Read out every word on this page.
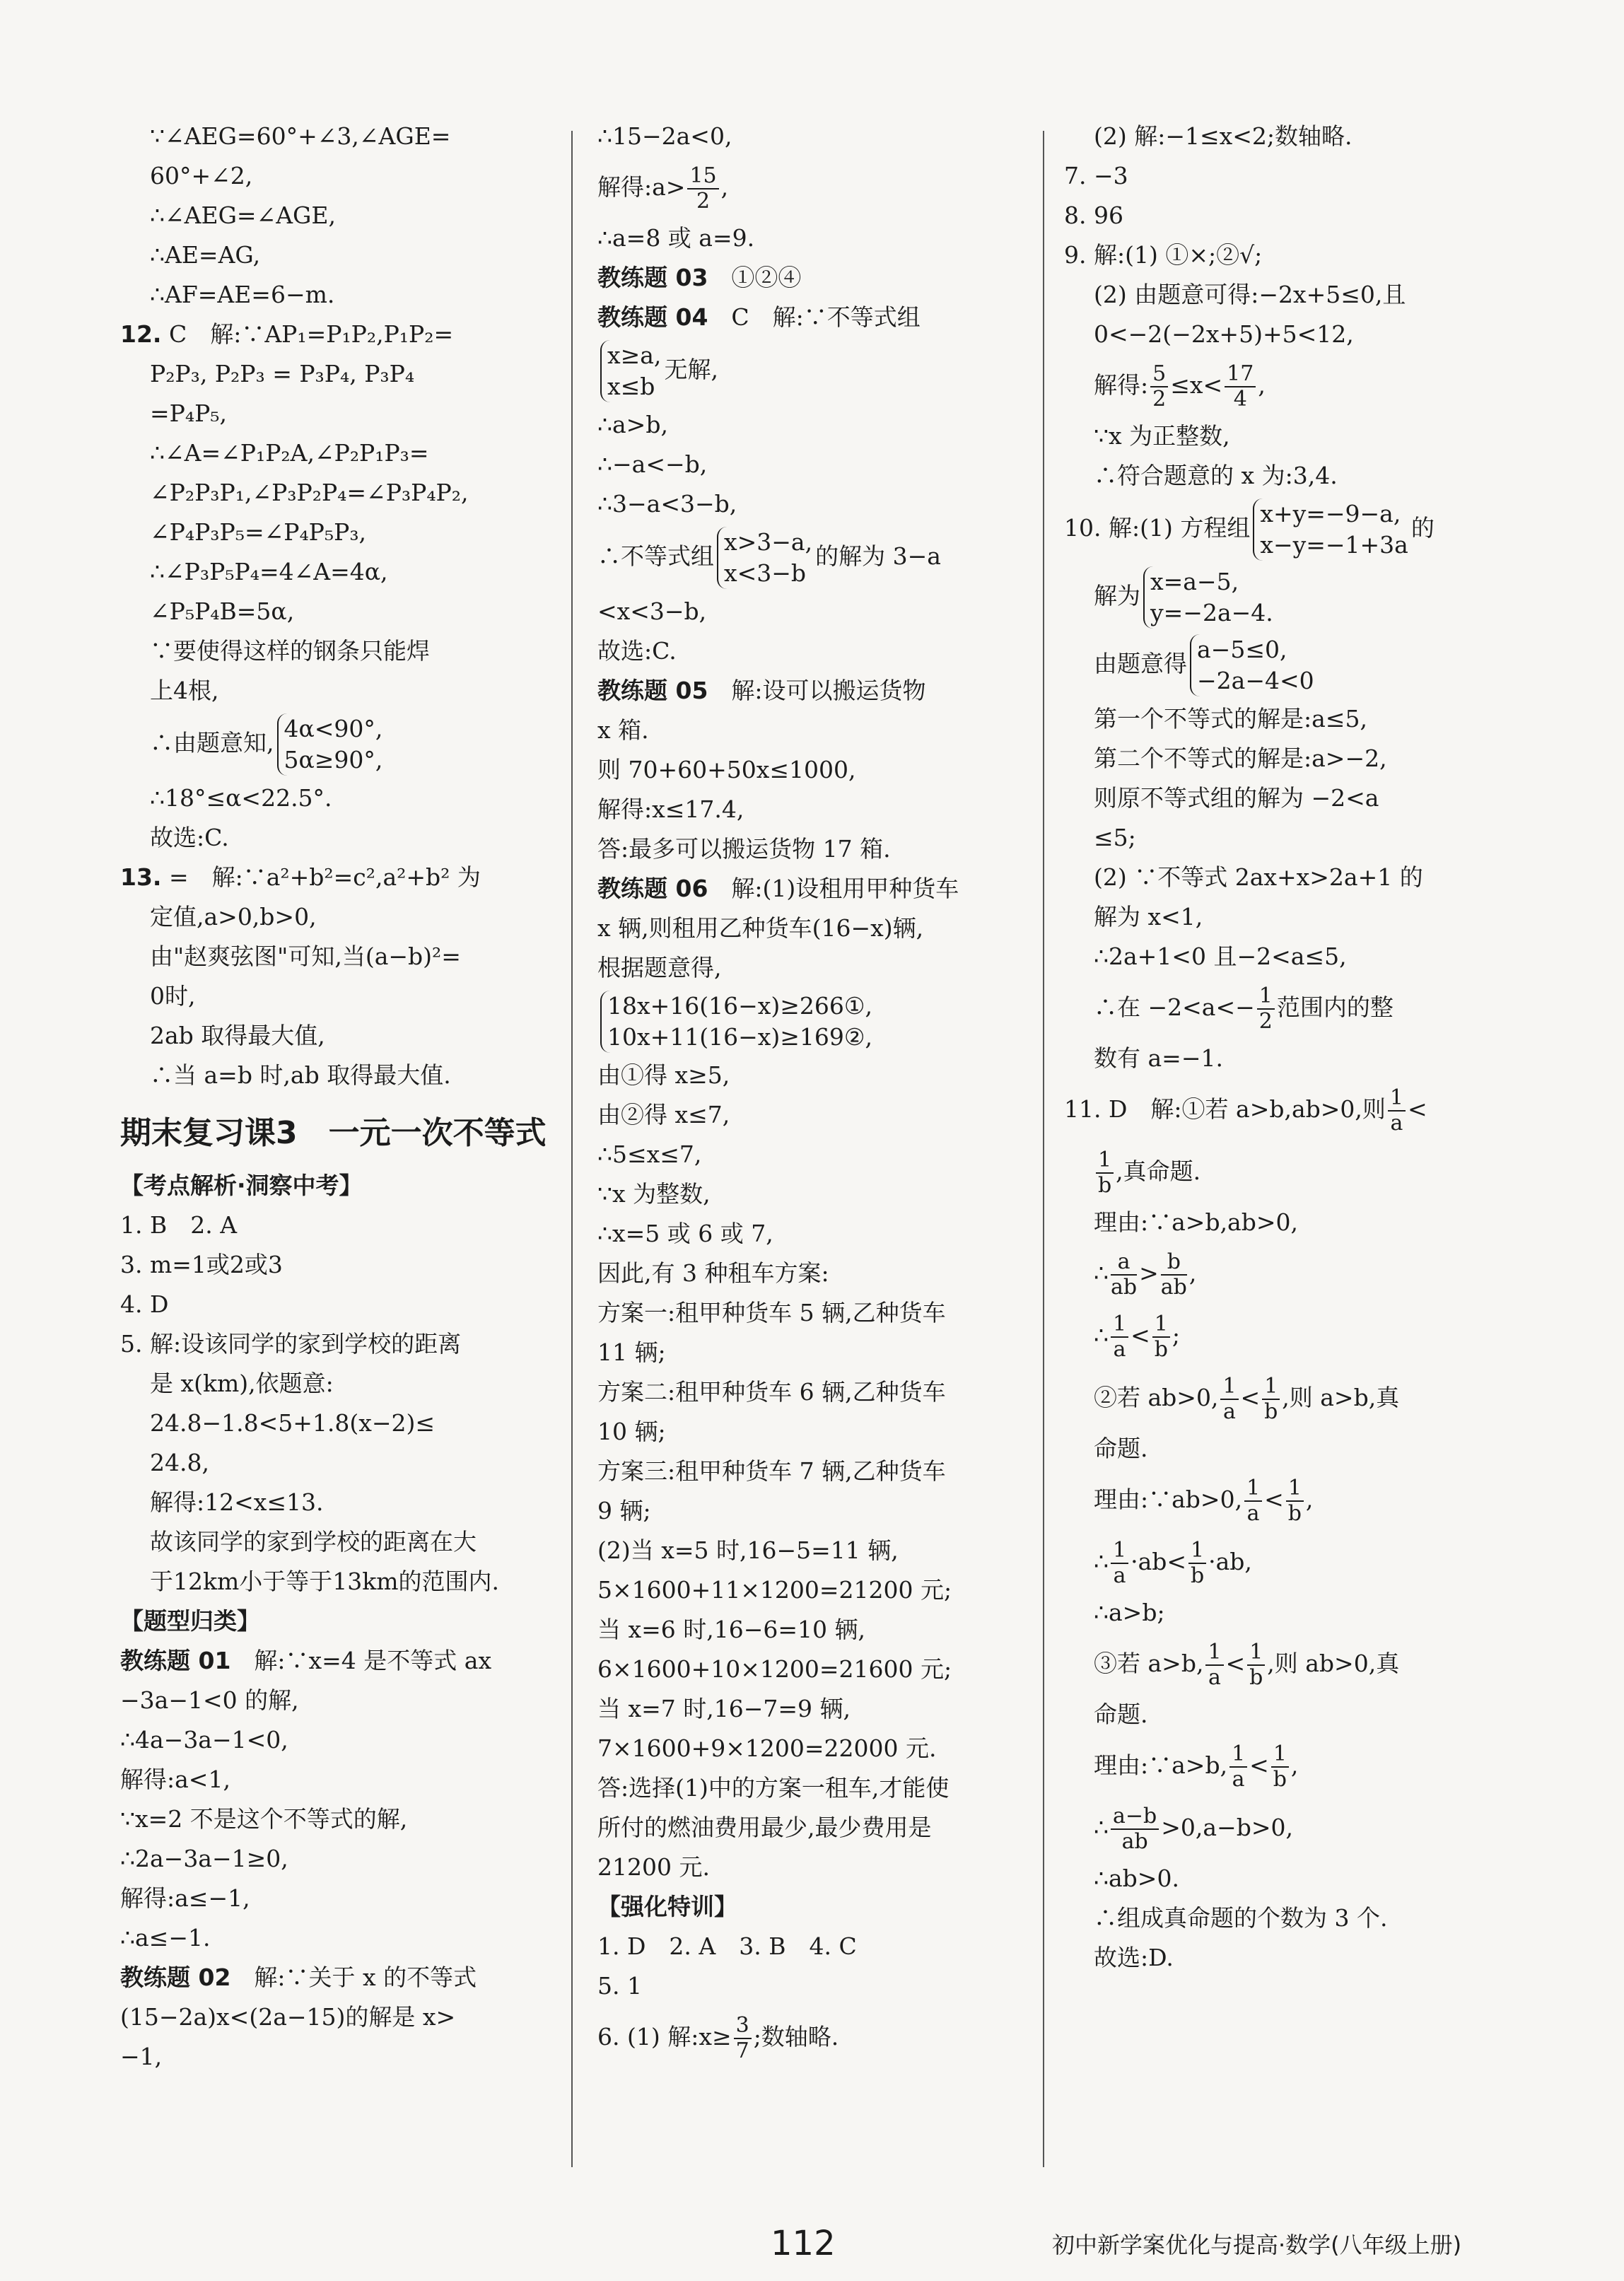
∵∠AEG=60°+∠3,∠AGE=

60°+∠2,

∴∠AEG=∠AGE,

∴AE=AG,

∴AF=AE=6−m.

12. C　解:∵AP₁=P₁P₂,P₁P₂=

P₂P₃, P₂P₃ = P₃P₄, P₃P₄

=P₄P₅,

∴∠A=∠P₁P₂A,∠P₂P₁P₃=

∠P₂P₃P₁,∠P₃P₂P₄=∠P₃P₄P₂,

∠P₄P₃P₅=∠P₄P₅P₃,

∴∠P₃P₅P₄=4∠A=4α,

∠P₅P₄B=5α,

∵要使得这样的钢条只能焊

上4根,

∴由题意知,
4α<90°,
5α≥90°,

∴18°≤α<22.5°.

故选:C.

13. =　解:∵a²+b²=c²,a²+b² 为

定值,a>0,b>0,

由"赵爽弦图"可知,当(a−b)²=

0时,

2ab 取得最大值,

∴当 a=b 时,ab 取得最大值.

期末复习课3　一元一次不等式

【考点解析·洞察中考】

1. B　2. A

3. m=1或2或3

4. D

5. 解:设该同学的家到学校的距离

是 x(km),依题意:

24.8−1.8<5+1.8(x−2)≤

24.8,

解得:12<x≤13.

故该同学的家到学校的距离在大

于12km小于等于13km的范围内.

【题型归类】

教练题 01　解:∵x=4 是不等式 ax

−3a−1<0 的解,

∴4a−3a−1<0,

解得:a<1,

∵x=2 不是这个不等式的解,

∴2a−3a−1≥0,

解得:a≤−1,

∴a≤−1.

教练题 02　解:∵关于 x 的不等式

(15−2a)x<(2a−15)的解是 x>

−1,

∴15−2a<0,

解得:a> $\frac{15}{2}$ ,

∴a=8 或 a=9.

教练题 03　①②④

教练题 04　C　解:∵不等式组

x≥a,
x≤b
无解,

∴a>b,

∴−a<−b,

∴3−a<3−b,

∴不等式组
x>3−a,
x<3−b
的解为 3−a

<x<3−b,

故选:C.

教练题 05　解:设可以搬运货物

x 箱.

则 70+60+50x≤1000,

解得:x≤17.4,

答:最多可以搬运货物 17 箱.

教练题 06　解:(1)设租用甲种货车

x 辆,则租用乙种货车(16−x)辆,

根据题意得,

18x+16(16−x)≥266①,
10x+11(16−x)≥169②,

由①得 x≥5,

由②得 x≤7,

∴5≤x≤7,

∵x 为整数,

∴x=5 或 6 或 7,

因此,有 3 种租车方案:

方案一:租甲种货车 5 辆,乙种货车

11 辆;

方案二:租甲种货车 6 辆,乙种货车

10 辆;

方案三:租甲种货车 7 辆,乙种货车

9 辆;

(2)当 x=5 时,16−5=11 辆,

5×1600+11×1200=21200 元;

当 x=6 时,16−6=10 辆,

6×1600+10×1200=21600 元;

当 x=7 时,16−7=9 辆,

7×1600+9×1200=22000 元.

答:选择(1)中的方案一租车,才能使

所付的燃油费用最少,最少费用是

21200 元.

【强化特训】

1. D　2. A　3. B　4. C

5. 1

6. (1) 解:x≥ $\frac{3}{7}$ ;数轴略.

(2) 解:−1≤x<2;数轴略.

7. −3

8. 96

9. 解:(1) ①×;②√;

(2) 由题意可得:−2x+5≤0,且

0<−2(−2x+5)+5<12,

解得: $\frac{5}{2} \le x< \frac{17}{4}$ ,

∵x 为正整数,

∴符合题意的 x 为:3,4.

10. 解:(1) 方程组
x+y=−9−a,
x−y=−1+3a
的

解为
x=a−5,
y=−2a−4.

由题意得
a−5≤0,
−2a−4<0

第一个不等式的解是:a≤5,

第二个不等式的解是:a>−2,

则原不等式组的解为 −2<a

≤5;

(2) ∵不等式 2ax+x>2a+1 的

解为 x<1,

∴2a+1<0 且−2<a≤5,

∴在 $-2<a<- \frac{1}{2}$ 范围内的整

数有 a=−1.

11. D　解:①若 a>b,ab>0,则 $\frac{1}{a}$ <

$\frac{1}{b}$ ,真命题.

理由:∵a>b,ab>0,

∴ $\frac{a}{ab} > \frac{b}{ab}$ ,

∴ $\frac{1}{a} < \frac{1}{b}$ ;

②若 ab>0, $\frac{1}{a} < \frac{1}{b}$ ,则 a>b,真

命题.

理由:∵ab>0, $\frac{1}{a} < \frac{1}{b}$ ,

∴ $\frac{1}{a} \cdot ab< \frac{1}{b} \cdot ab$,

∴a>b;

③若 a>b, $\frac{1}{a} < \frac{1}{b}$ ,则 ab>0,真

命题.

理由:∵a>b, $\frac{1}{a} < \frac{1}{b}$ ,

∴ $\frac{a-b}{ab} >0,a-b>0$,

∴ab>0.

∴组成真命题的个数为 3 个.

故选:D.

112	初中新学案优化与提高·数学(八年级上册)
